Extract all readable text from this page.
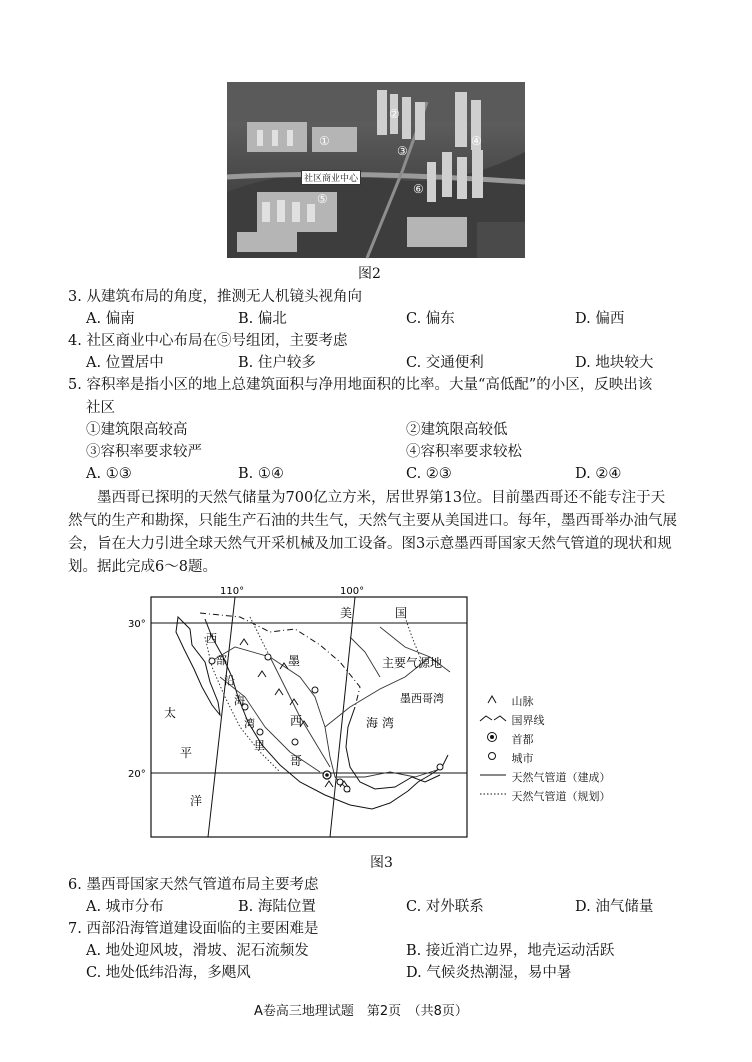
②
③
④
①
社区商业中心
⑤
⑥
图2
3. 从建筑布局的角度，推测无人机镜头视角向
A. 偏南	B. 偏北	C. 偏东	D. 偏西
4. 社区商业中心布局在⑤号组团，主要考虑
A. 位置居中	B. 住户较多	C. 交通便利	D. 地块较大
5. 容积率是指小区的地上总建筑面积与净用地面积的比率。大量“高低配”的小区，反映出该
社区
①建筑限高较高	②建筑限高较低
③容积率要求较严	④容积率要求较松
A. ①③	B. ①④	C. ②③	D. ②④
墨西哥已探明的天然气储量为700亿立方米，居世界第13位。目前墨西哥还不能专注于天然气的生产和勘探，只能生产石油的共生气，天然气主要从美国进口。每年，墨西哥举办油气展会，旨在大力引进全球天然气开采机械及加工设备。图3示意墨西哥国家天然气管道的现状和规划。据此完成6～8题。
110°	100°
30°
20°
美	国
主要气源地
墨
西
哥
西
部
沿
海
湾
里
海 湾
太
平
洋
墨西哥湾	山脉
国界线
首都
城市
天然气管道（建成）
天然气管道（规划）
图3
6. 墨西哥国家天然气管道布局主要考虑
A. 城市分布	B. 海陆位置	C. 对外联系	D. 油气储量
7. 西部沿海管道建设面临的主要困难是
A. 地处迎风坡，滑坡、泥石流频发	B. 接近消亡边界，地壳运动活跃
C. 地处低纬沿海，多飓风	D. 气候炎热潮湿，易中暑
A卷高三地理试题　第2页　（共8页）
